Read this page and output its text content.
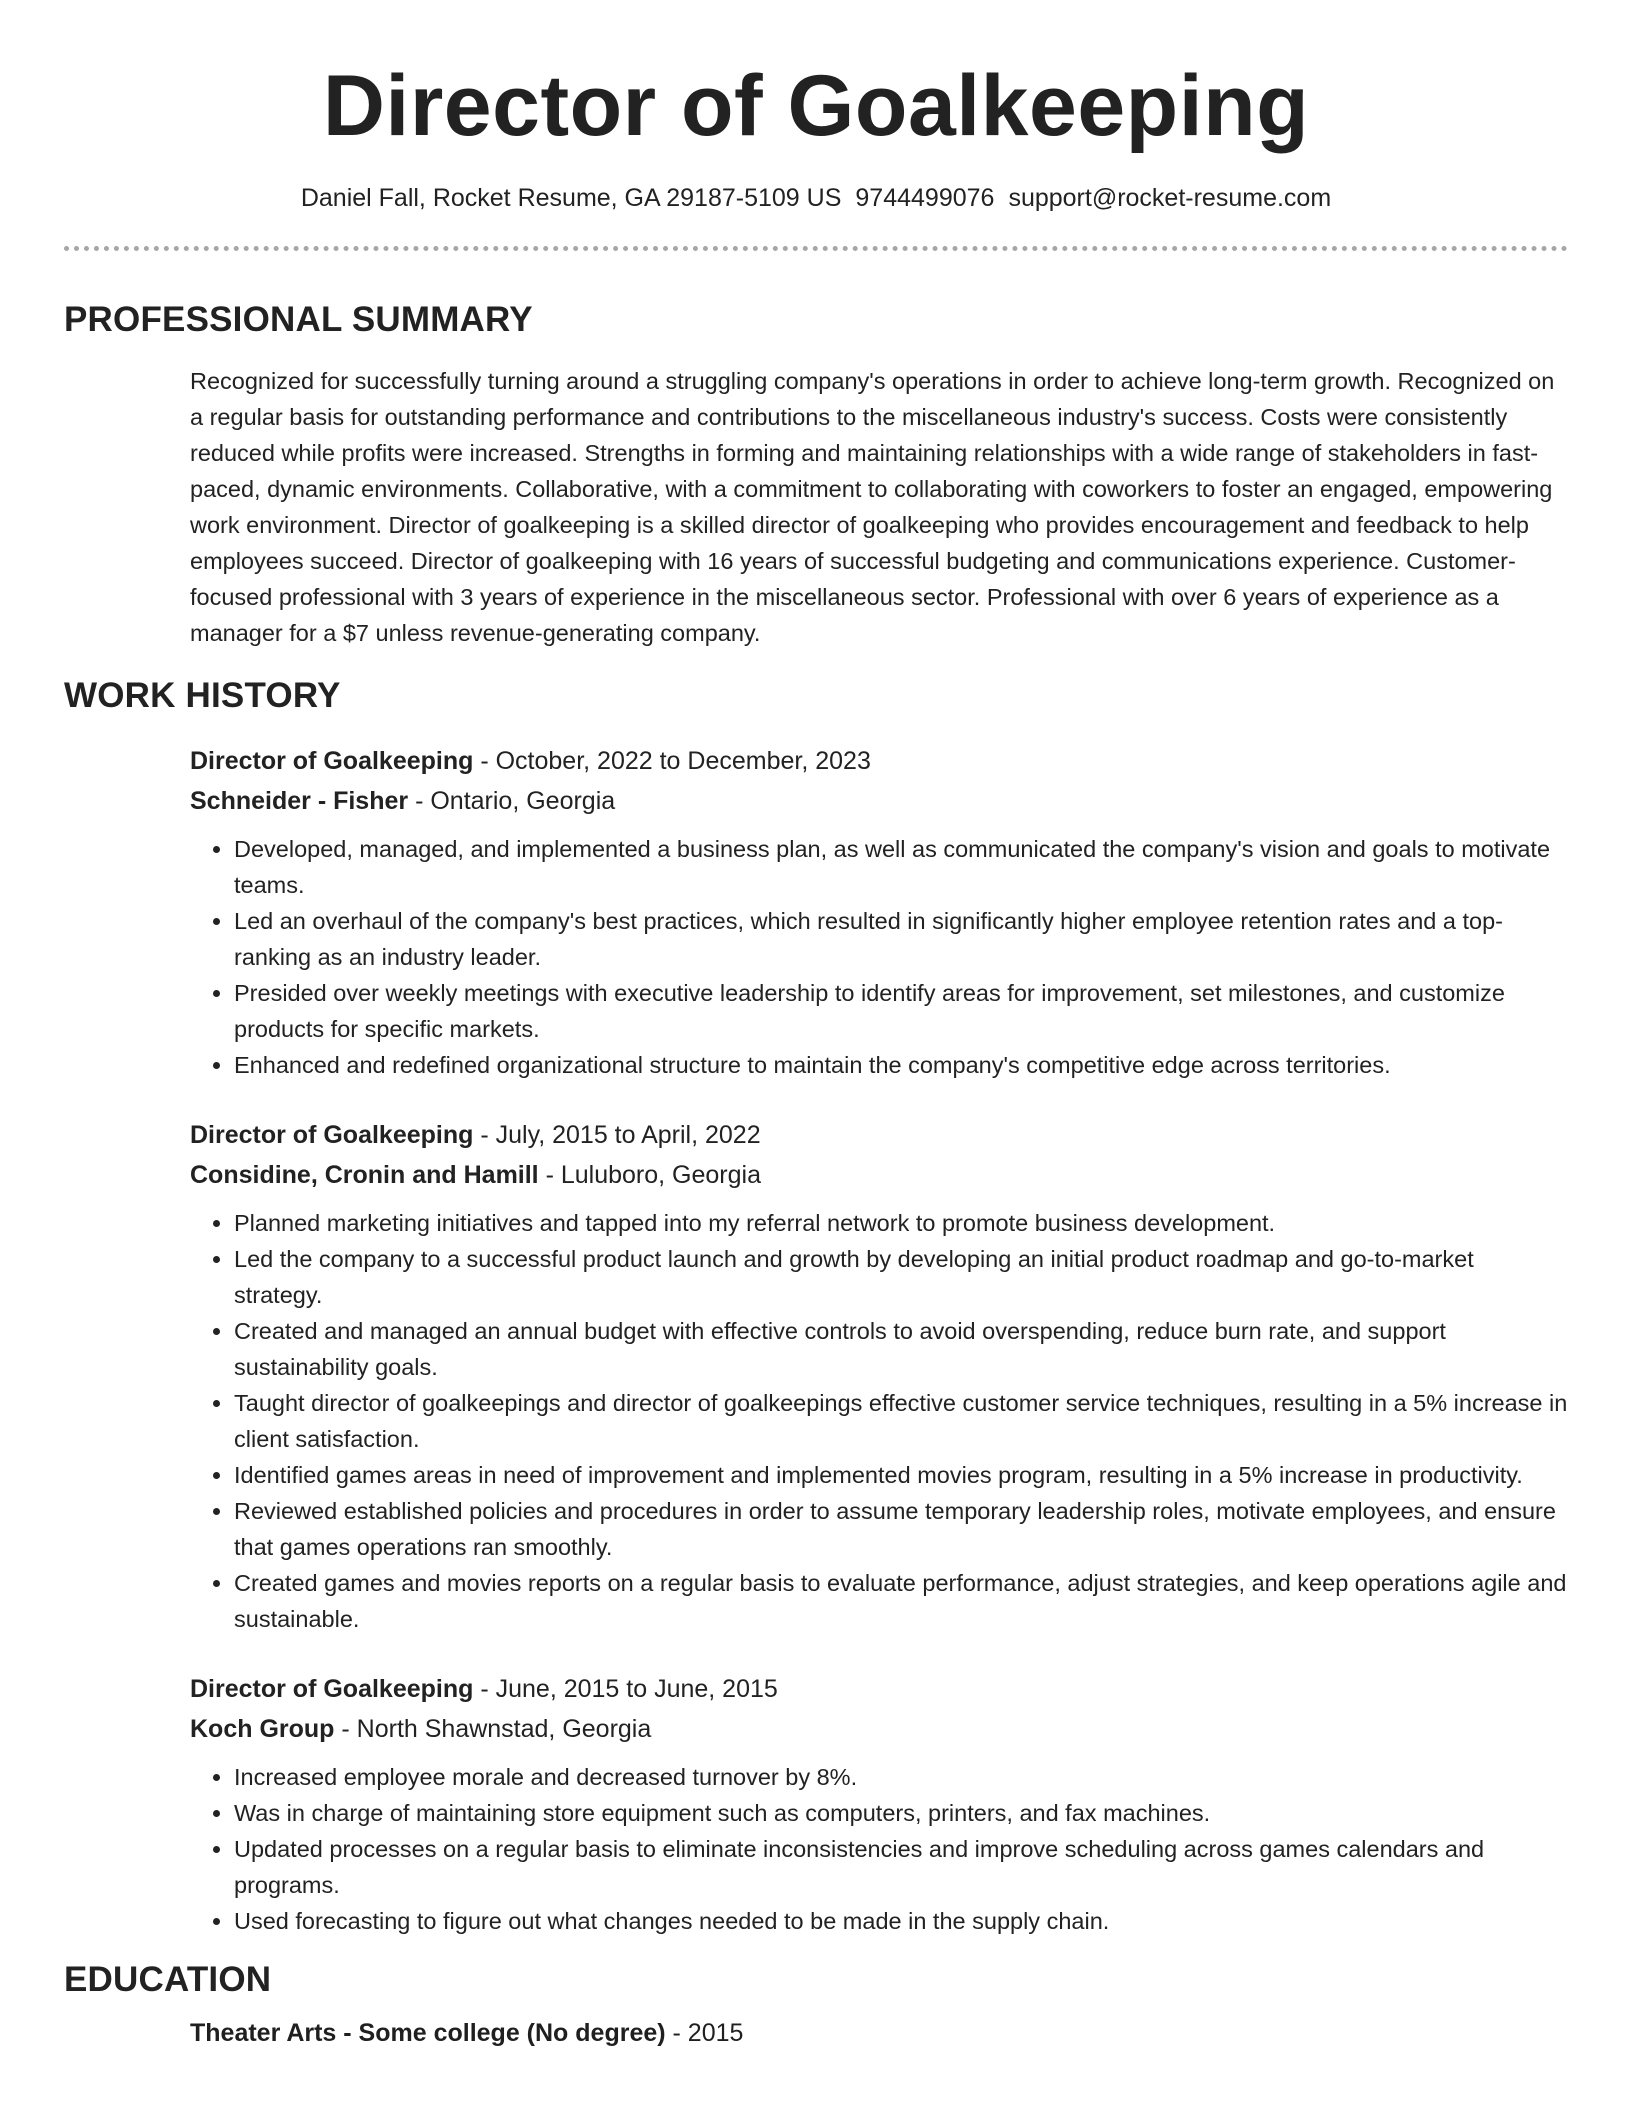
Director of Goalkeeping
Daniel Fall, Rocket Resume, GA 29187-5109 US 9744499076 support@rocket-resume.com
PROFESSIONAL SUMMARY
Recognized for successfully turning around a struggling company's operations in order to achieve long-term growth. Recognized on a regular basis for outstanding performance and contributions to the miscellaneous industry's success. Costs were consistently reduced while profits were increased. Strengths in forming and maintaining relationships with a wide range of stakeholders in fast-paced, dynamic environments. Collaborative, with a commitment to collaborating with coworkers to foster an engaged, empowering work environment. Director of goalkeeping is a skilled director of goalkeeping who provides encouragement and feedback to help employees succeed. Director of goalkeeping with 16 years of successful budgeting and communications experience. Customer-focused professional with 3 years of experience in the miscellaneous sector. Professional with over 6 years of experience as a manager for a $7 unless revenue-generating company.
WORK HISTORY
Director of Goalkeeping - October, 2022 to December, 2023
Schneider - Fisher - Ontario, Georgia
• Developed, managed, and implemented a business plan, as well as communicated the company's vision and goals to motivate teams.
• Led an overhaul of the company's best practices, which resulted in significantly higher employee retention rates and a top-ranking as an industry leader.
• Presided over weekly meetings with executive leadership to identify areas for improvement, set milestones, and customize products for specific markets.
• Enhanced and redefined organizational structure to maintain the company's competitive edge across territories.
Director of Goalkeeping - July, 2015 to April, 2022
Considine, Cronin and Hamill - Luluboro, Georgia
• Planned marketing initiatives and tapped into my referral network to promote business development.
• Led the company to a successful product launch and growth by developing an initial product roadmap and go-to-market strategy.
• Created and managed an annual budget with effective controls to avoid overspending, reduce burn rate, and support sustainability goals.
• Taught director of goalkeepings and director of goalkeepings effective customer service techniques, resulting in a 5% increase in client satisfaction.
• Identified games areas in need of improvement and implemented movies program, resulting in a 5% increase in productivity.
• Reviewed established policies and procedures in order to assume temporary leadership roles, motivate employees, and ensure that games operations ran smoothly.
• Created games and movies reports on a regular basis to evaluate performance, adjust strategies, and keep operations agile and sustainable.
Director of Goalkeeping - June, 2015 to June, 2015
Koch Group - North Shawnstad, Georgia
• Increased employee morale and decreased turnover by 8%.
• Was in charge of maintaining store equipment such as computers, printers, and fax machines.
• Updated processes on a regular basis to eliminate inconsistencies and improve scheduling across games calendars and programs.
• Used forecasting to figure out what changes needed to be made in the supply chain.
EDUCATION
Theater Arts - Some college (No degree) - 2015
